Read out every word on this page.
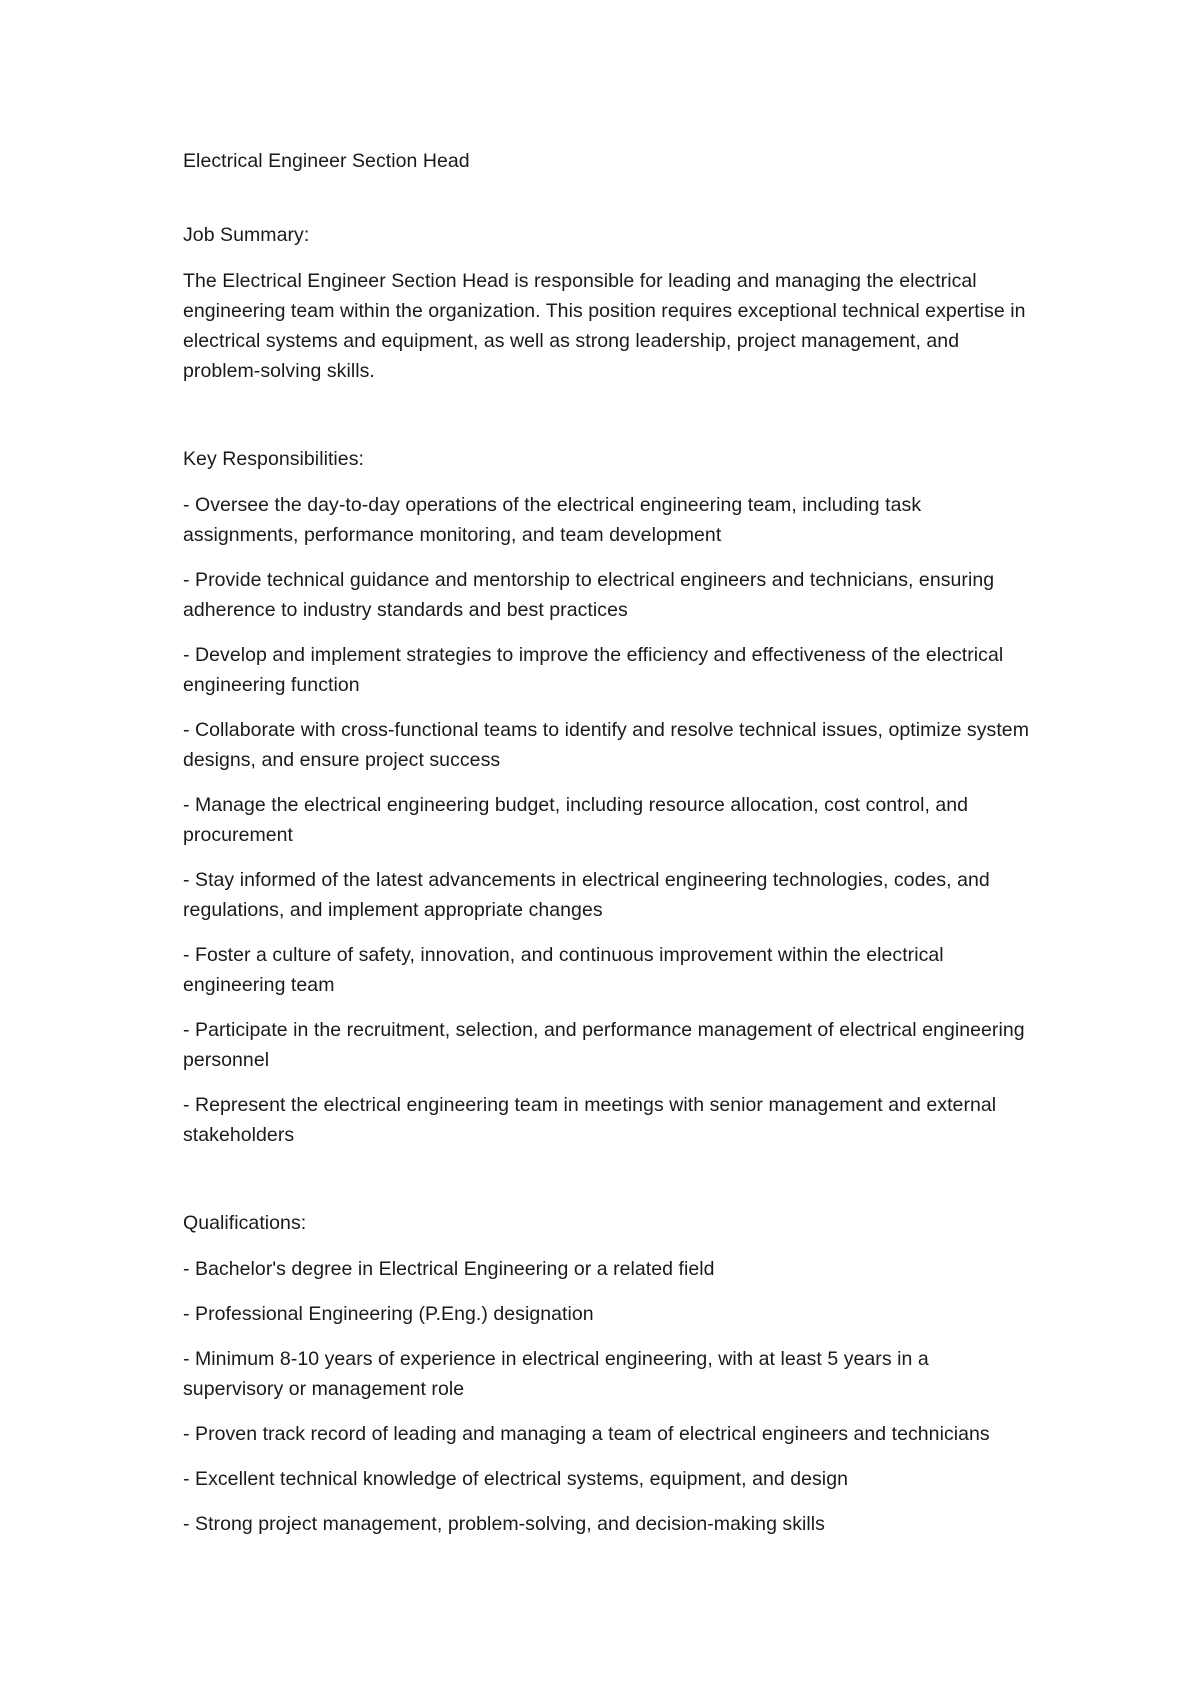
Electrical Engineer Section Head

Job Summary:

The Electrical Engineer Section Head is responsible for leading and managing the electrical engineering team within the organization. This position requires exceptional technical expertise in electrical systems and equipment, as well as strong leadership, project management, and problem-solving skills.

Key Responsibilities:

- Oversee the day-to-day operations of the electrical engineering team, including task assignments, performance monitoring, and team development
- Provide technical guidance and mentorship to electrical engineers and technicians, ensuring adherence to industry standards and best practices
- Develop and implement strategies to improve the efficiency and effectiveness of the electrical engineering function
- Collaborate with cross-functional teams to identify and resolve technical issues, optimize system designs, and ensure project success
- Manage the electrical engineering budget, including resource allocation, cost control, and procurement
- Stay informed of the latest advancements in electrical engineering technologies, codes, and regulations, and implement appropriate changes
- Foster a culture of safety, innovation, and continuous improvement within the electrical engineering team
- Participate in the recruitment, selection, and performance management of electrical engineering personnel
- Represent the electrical engineering team in meetings with senior management and external stakeholders

Qualifications:

- Bachelor's degree in Electrical Engineering or a related field
- Professional Engineering (P.Eng.) designation
- Minimum 8-10 years of experience in electrical engineering, with at least 5 years in a supervisory or management role
- Proven track record of leading and managing a team of electrical engineers and technicians
- Excellent technical knowledge of electrical systems, equipment, and design
- Strong project management, problem-solving, and decision-making skills
